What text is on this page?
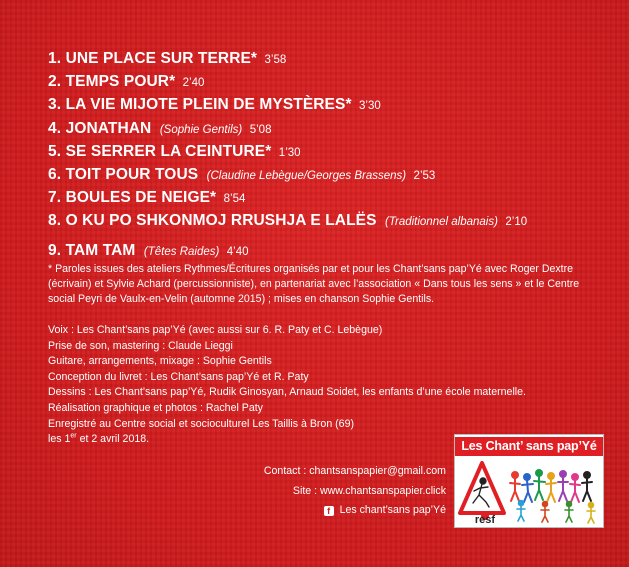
1. UNE PLACE SUR TERRE* 3’58
2. TEMPS POUR* 2’40
3. LA VIE MIJOTE PLEIN DE MYSTÈRES* 3’30
4. JONATHAN (Sophie Gentils) 5’08
5. SE SERRER LA CEINTURE* 1’30
6. TOIT POUR TOUS (Claudine Lebègue/Georges Brassens) 2’53
7. BOULES DE NEIGE* 8’54
8. O KU PO SHKONMOJ RRUSHJA E LALËS (Traditionnel albanais) 2’10
9. TAM TAM (Têtes Raides) 4’40

* Paroles issues des ateliers Rythmes/Écritures organisés par et pour les Chant’sans pap’Yé avec Roger Dextre (écrivain) et Sylvie Achard (percussionniste), en partenariat avec l’association « Dans tous les sens » et le Centre social Peyri de Vaulx-en-Velin (automne 2015) ; mises en chanson Sophie Gentils.

Voix : Les Chant’sans pap’Yé (avec aussi sur 6. R. Paty et C. Lebègue)
Prise de son, mastering : Claude Lieggi
Guitare, arrangements, mixage : Sophie Gentils
Conception du livret : Les Chant’sans pap’Yé et R. Paty
Dessins : Les Chant’sans pap’Yé, Rudik Ginosyan, Arnaud Soidet, les enfants d’une école maternelle.
Réalisation graphique et photos : Rachel Paty
Enregistré au Centre social et socioculturel Les Taillis à Bron (69)
les 1er et 2 avril 2018.
Contact : chantsanspapier@gmail.com
Site : www.chantsanspapier.click
f Les chant’sans pap’Yé
Les Chant’ sans pap’Yé
resf
